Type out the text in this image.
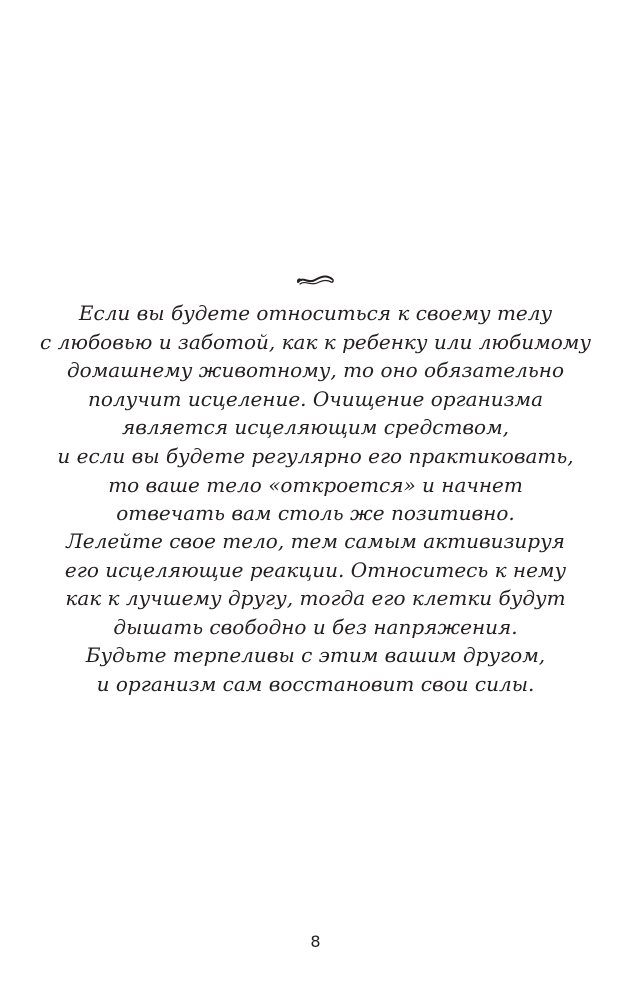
Если вы будете относиться к своему телу
с любовью и заботой, как к ребенку или любимому
домашнему животному, то оно обязательно
получит исцеление. Очищение организма
является исцеляющим средством,
и если вы будете регулярно его практиковать,
то ваше тело «откроется» и начнет
отвечать вам столь же позитивно.
Лелейте свое тело, тем самым активизируя
его исцеляющие реакции. Относитесь к нему
как к лучшему другу, тогда его клетки будут
дышать свободно и без напряжения.
Будьте терпеливы с этим вашим другом,
и организм сам восстановит свои силы.
8
